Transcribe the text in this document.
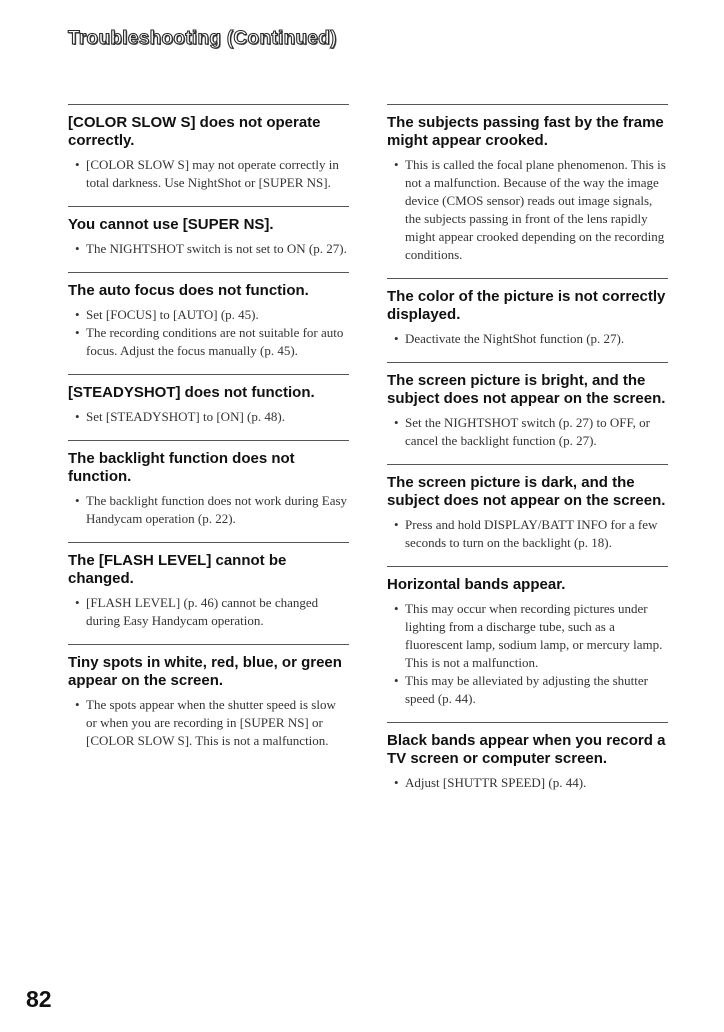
Troubleshooting (Continued)
[COLOR SLOW S] does not operate correctly.
• [COLOR SLOW S] may not operate correctly in total darkness. Use NightShot or [SUPER NS].
You cannot use [SUPER NS].
• The NIGHTSHOT switch is not set to ON (p. 27).
The auto focus does not function.
• Set [FOCUS] to [AUTO] (p. 45).
• The recording conditions are not suitable for auto focus. Adjust the focus manually (p. 45).
[STEADYSHOT] does not function.
• Set [STEADYSHOT] to [ON] (p. 48).
The backlight function does not function.
• The backlight function does not work during Easy Handycam operation (p. 22).
The [FLASH LEVEL] cannot be changed.
• [FLASH LEVEL] (p. 46) cannot be changed during Easy Handycam operation.
Tiny spots in white, red, blue, or green appear on the screen.
• The spots appear when the shutter speed is slow or when you are recording in [SUPER NS] or [COLOR SLOW S]. This is not a malfunction.
The subjects passing fast by the frame might appear crooked.
• This is called the focal plane phenomenon. This is not a malfunction. Because of the way the image device (CMOS sensor) reads out image signals, the subjects passing in front of the lens rapidly might appear crooked depending on the recording conditions.
The color of the picture is not correctly displayed.
• Deactivate the NightShot function (p. 27).
The screen picture is bright, and the subject does not appear on the screen.
• Set the NIGHTSHOT switch (p. 27) to OFF, or cancel the backlight function (p. 27).
The screen picture is dark, and the subject does not appear on the screen.
• Press and hold DISPLAY/BATT INFO for a few seconds to turn on the backlight (p. 18).
Horizontal bands appear.
• This may occur when recording pictures under lighting from a discharge tube, such as a fluorescent lamp, sodium lamp, or mercury lamp. This is not a malfunction.
• This may be alleviated by adjusting the shutter speed (p. 44).
Black bands appear when you record a TV screen or computer screen.
• Adjust [SHUTTR SPEED] (p. 44).
82
